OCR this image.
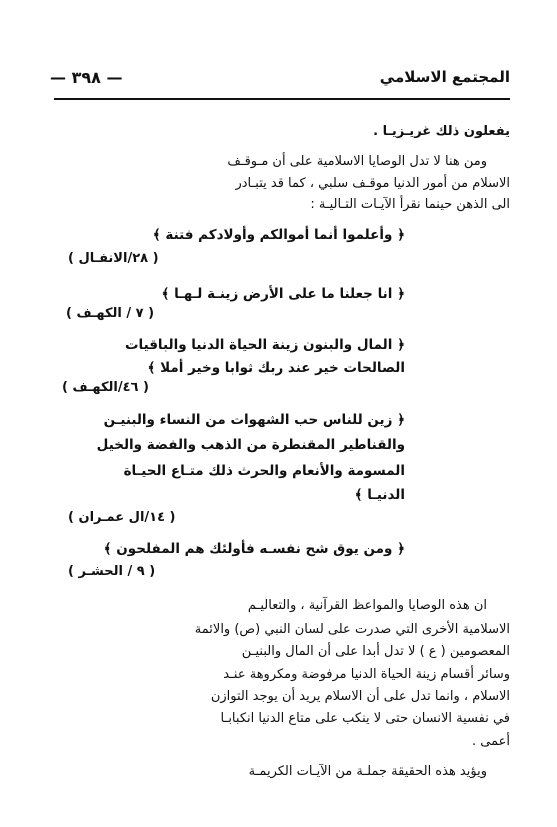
— ٣٩٨ —	المجتمع الاسلامي
يفعلون ذلك غريـزيـا .
ومن هنا لا تدل الوصايا الاسلامية على أن مـوقـف
الاسلام من أمور الدنيا موقـف سلبي ، كما قد يتبـادر
الى الذهن حينما نقرأ الآيـات التـاليـة :
﴿ وأعلموا أنما أموالكم وأولادكم فتنة ﴾
( ٢٨/الانفـال )
﴿ انا جعلنا ما على الأرض زينـة لـهـا ﴾
( ٧ / الكهـف )
﴿ المال والبنون زينة الحياة الدنيا والباقيات
الصالحات خير عند ربك ثوابا وخير أملا ﴾
( ٤٦/الكهـف )
﴿ زين للناس حب الشهوات من النساء والبنيـن
والقناطير المقنطرة من الذهب والفضة والخيل
المسومة والأنعام والحرث ذلك متـاع الحيـاة
الدنيـا ﴾
( ١٤/ال عمـران )
﴿ ومن يوق شح نفسـه فأولئك هم المفلحون ﴾
( ٩ / الحشـر )
ان هذه الوصايا والمواعظ القرآنية ، والتعاليـم
الاسلامية الأخرى التي صدرت على لسان النبي (ص) والائمة
المعصومين ( ع ) لا تدل أبدا على أن المال والبنيـن
وسائر أقسام زينة الحياة الدنيا مرفوضة ومكروهة عنـد
الاسلام ، وانما تدل على أن الاسلام يريد أن يوجد التوازن
في نفسية الانسان حتى لا ينكب على متاع الدنيا انكبابـا
أعمى .
ويؤيد هذه الحقيقة جملـة من الآيـات الكريمـة
